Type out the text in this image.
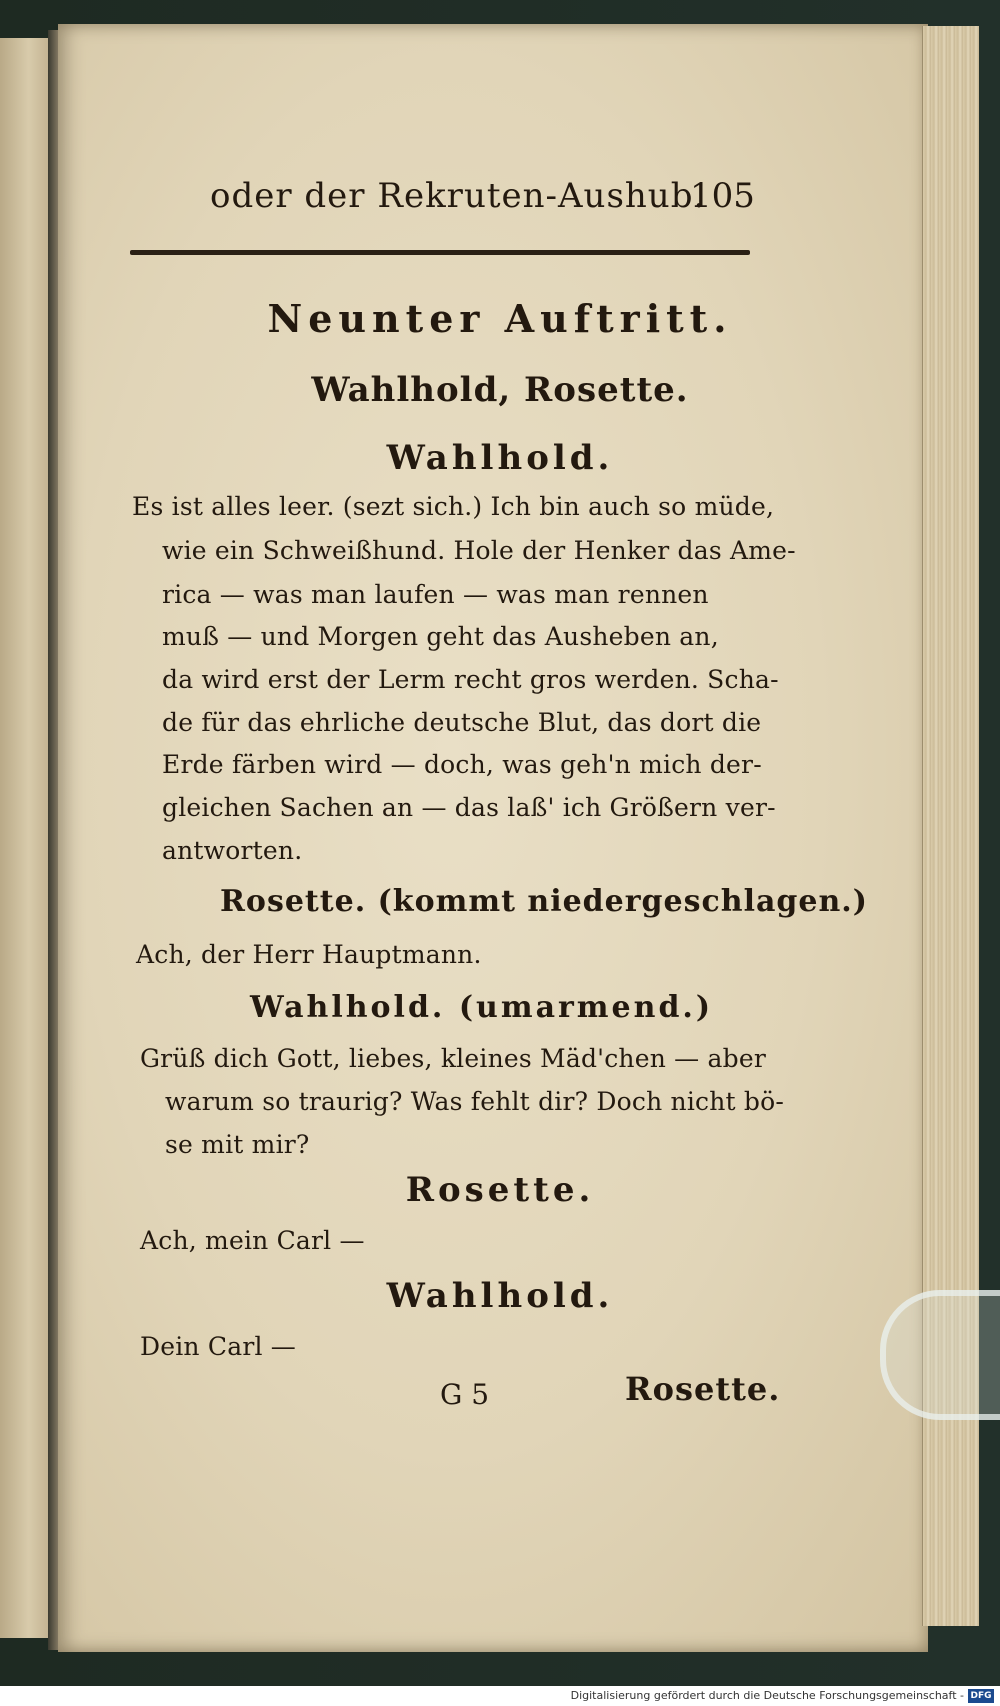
oder der Rekruten-Aushub.
105
Neunter Auftritt.
Wahlhold, Rosette.
Wahlhold.
Es ist alles leer. (sezt sich.) Ich bin auch so müde,
wie ein Schweißhund. Hole der Henker das Ame-
rica — was man laufen — was man rennen
muß — und Morgen geht das Ausheben an,
da wird erst der Lerm recht gros werden. Scha-
de für das ehrliche deutsche Blut, das dort die
Erde färben wird — doch, was geh'n mich der-
gleichen Sachen an — das laß' ich Größern ver-
antworten.
Rosette. (kommt niedergeschlagen.)
Ach, der Herr Hauptmann.
Wahlhold. (umarmend.)
Grüß dich Gott, liebes, kleines Mäd'chen — aber
warum so traurig? Was fehlt dir? Doch nicht bö-
se mit mir?
Rosette.
Ach, mein Carl —
Wahlhold.
Dein Carl —
G 5	Rosette.
Digitalisierung gefördert durch die Deutsche Forschungsgemeinschaft - DFG
